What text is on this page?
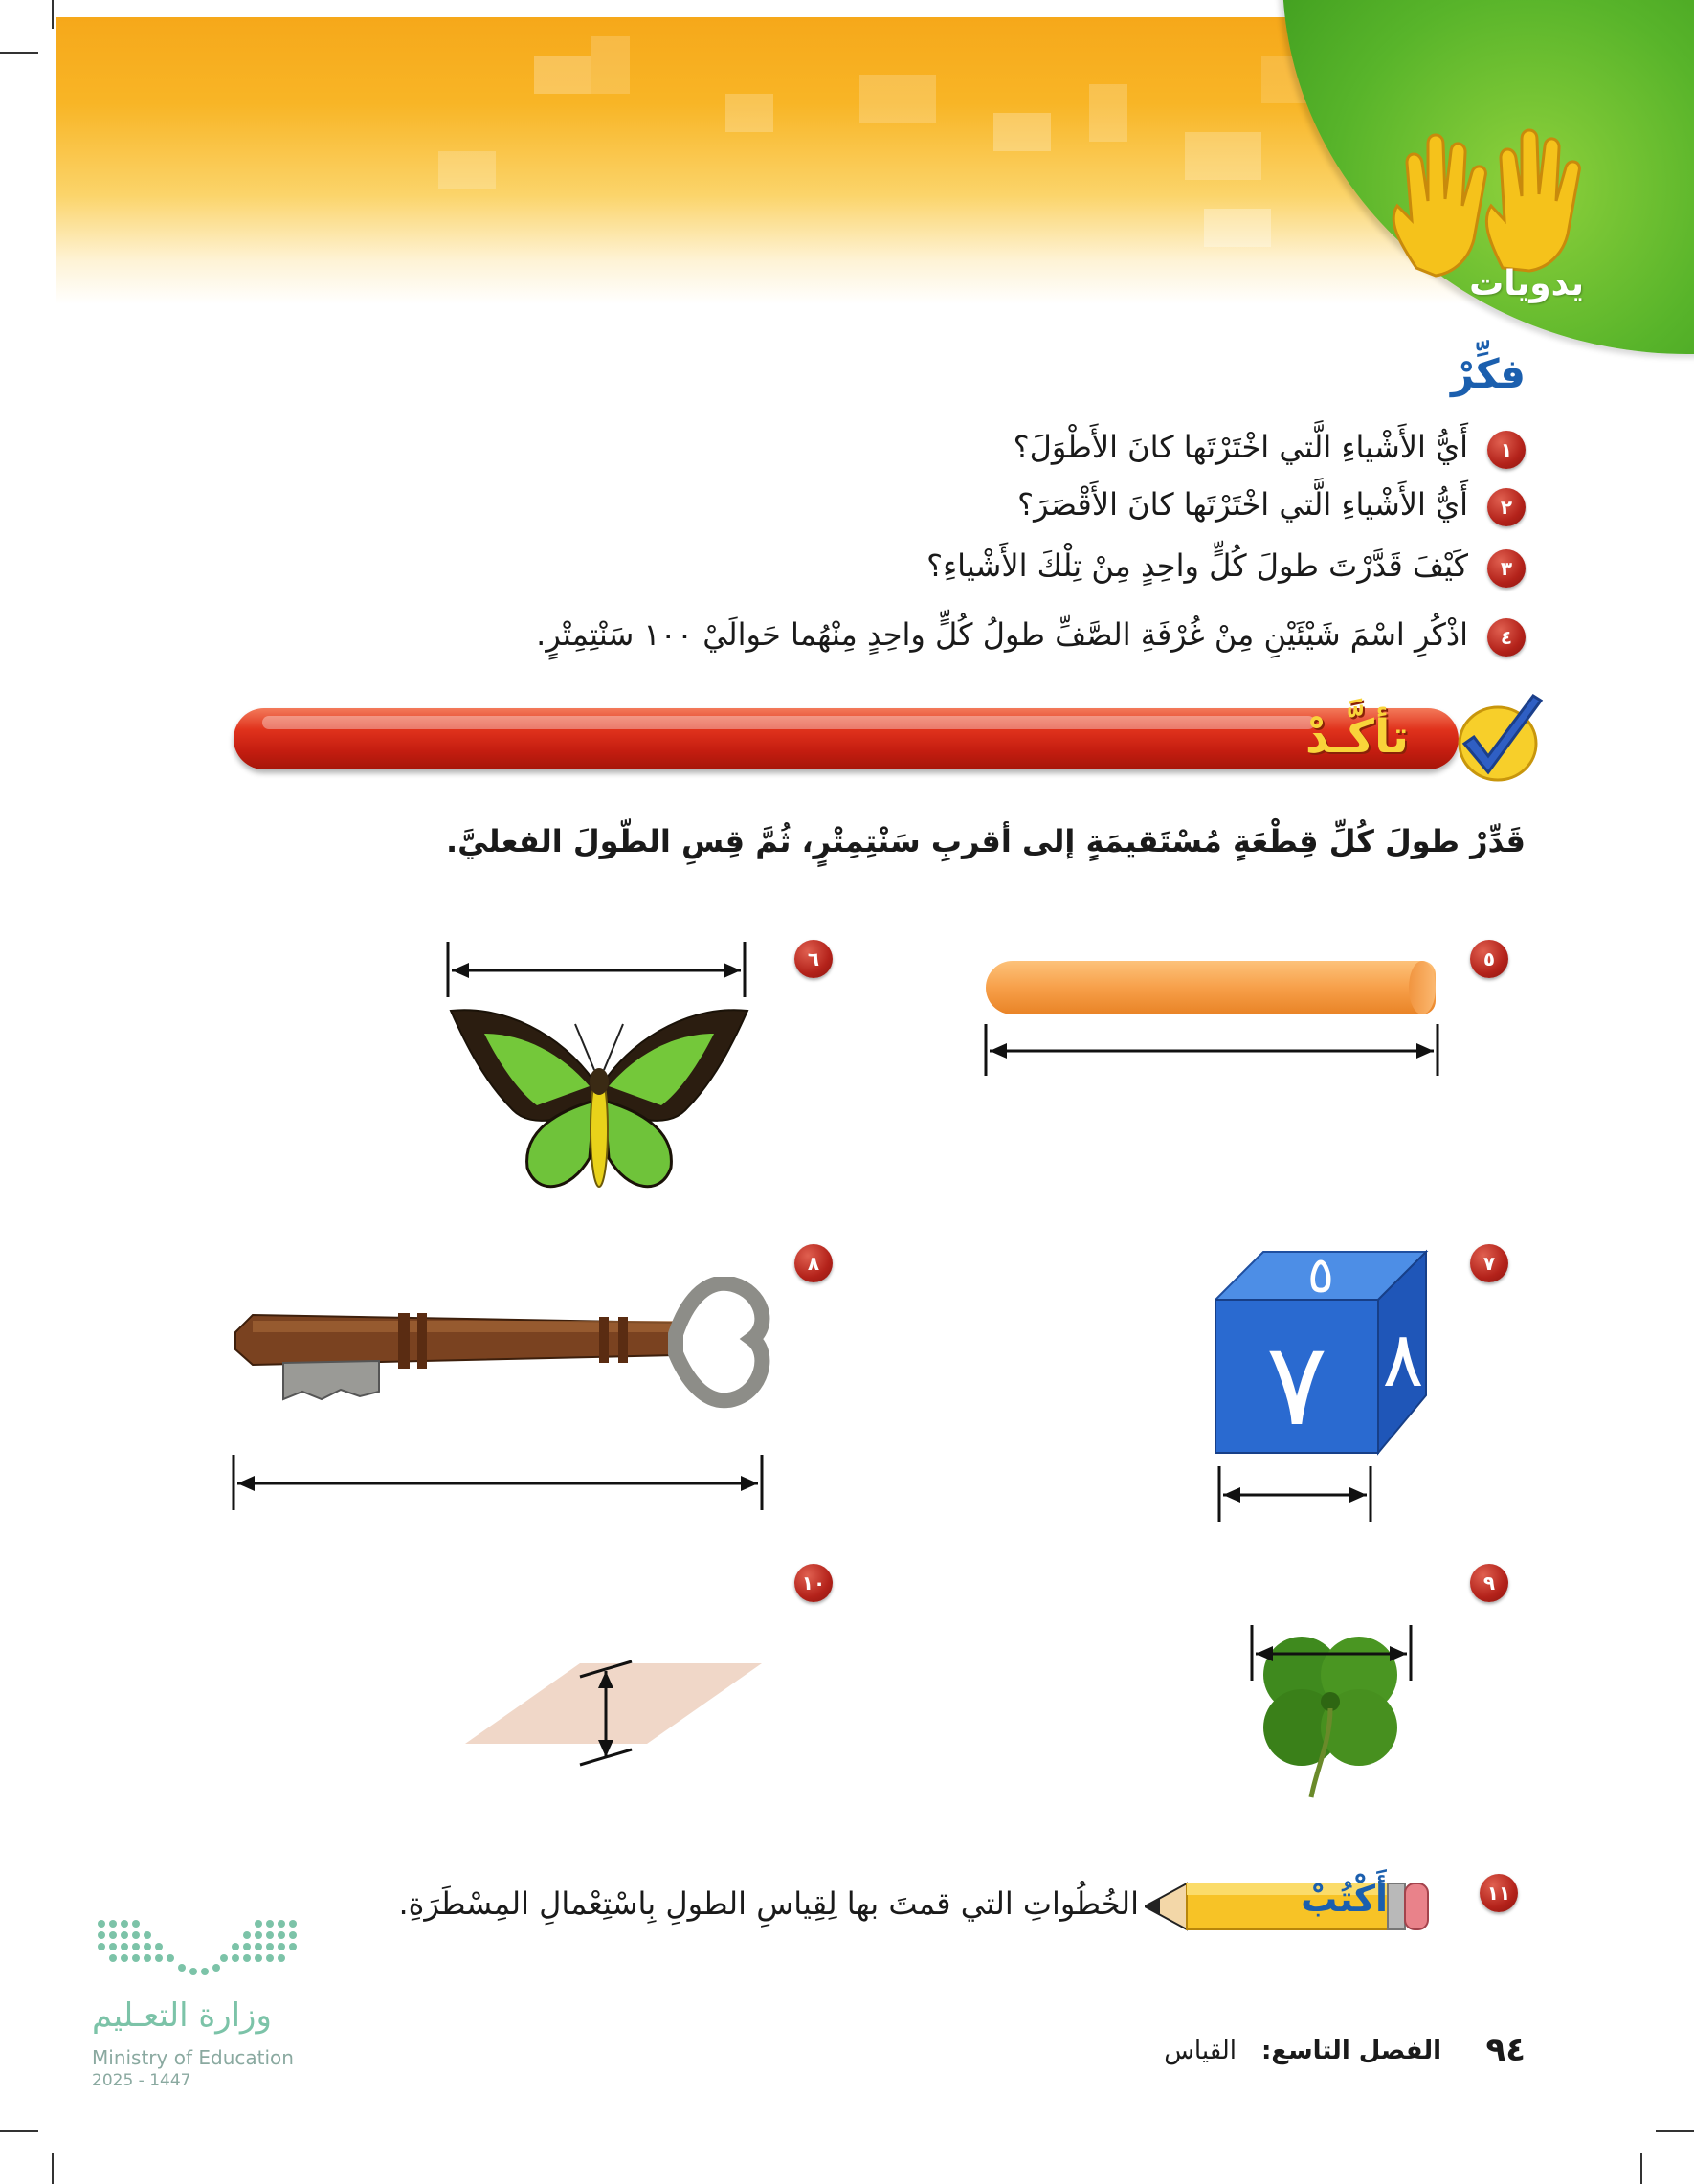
يدويات
فكِّرْ
١
أَيُّ الأَشْياءِ الَّتي اخْتَرْتَها كانَ الأَطْوَلَ؟
٢
أَيُّ الأَشْياءِ الَّتي اخْتَرْتَها كانَ الأَقْصَرَ؟
٣
كَيْفَ قَدَّرْتَ طولَ كُلٍّ واحِدٍ مِنْ تِلْكَ الأَشْياءِ؟
٤
اذْكُرِ اسْمَ شَيْئَيْنِ مِنْ غُرْفَةِ الصَّفِّ طولُ كُلٍّ واحِدٍ مِنْهُما حَوالَيْ ١٠٠ سَنْتِمِتْرٍ.
تأكَّـدْ
قَدِّرْ طولَ كُلِّ قِطْعَةٍ مُسْتَقيمَةٍ إلى أقربِ سَنْتِمِتْرٍ، ثُمَّ قِسِ الطّولَ الفعليَّ.
٥
٦
٧
٧ ٨
٥
٨
٩
١٠
١١
أَكْتُبْ
الخُطُواتِ التي قمتَ بها لِقِياسِ الطولِ بِاسْتِعْمالِ المِسْطَرَةِ.
وزارة التعـليم
Ministry of Education
2025 - 1447
٩٤
الفصل التاسع:
القياس
